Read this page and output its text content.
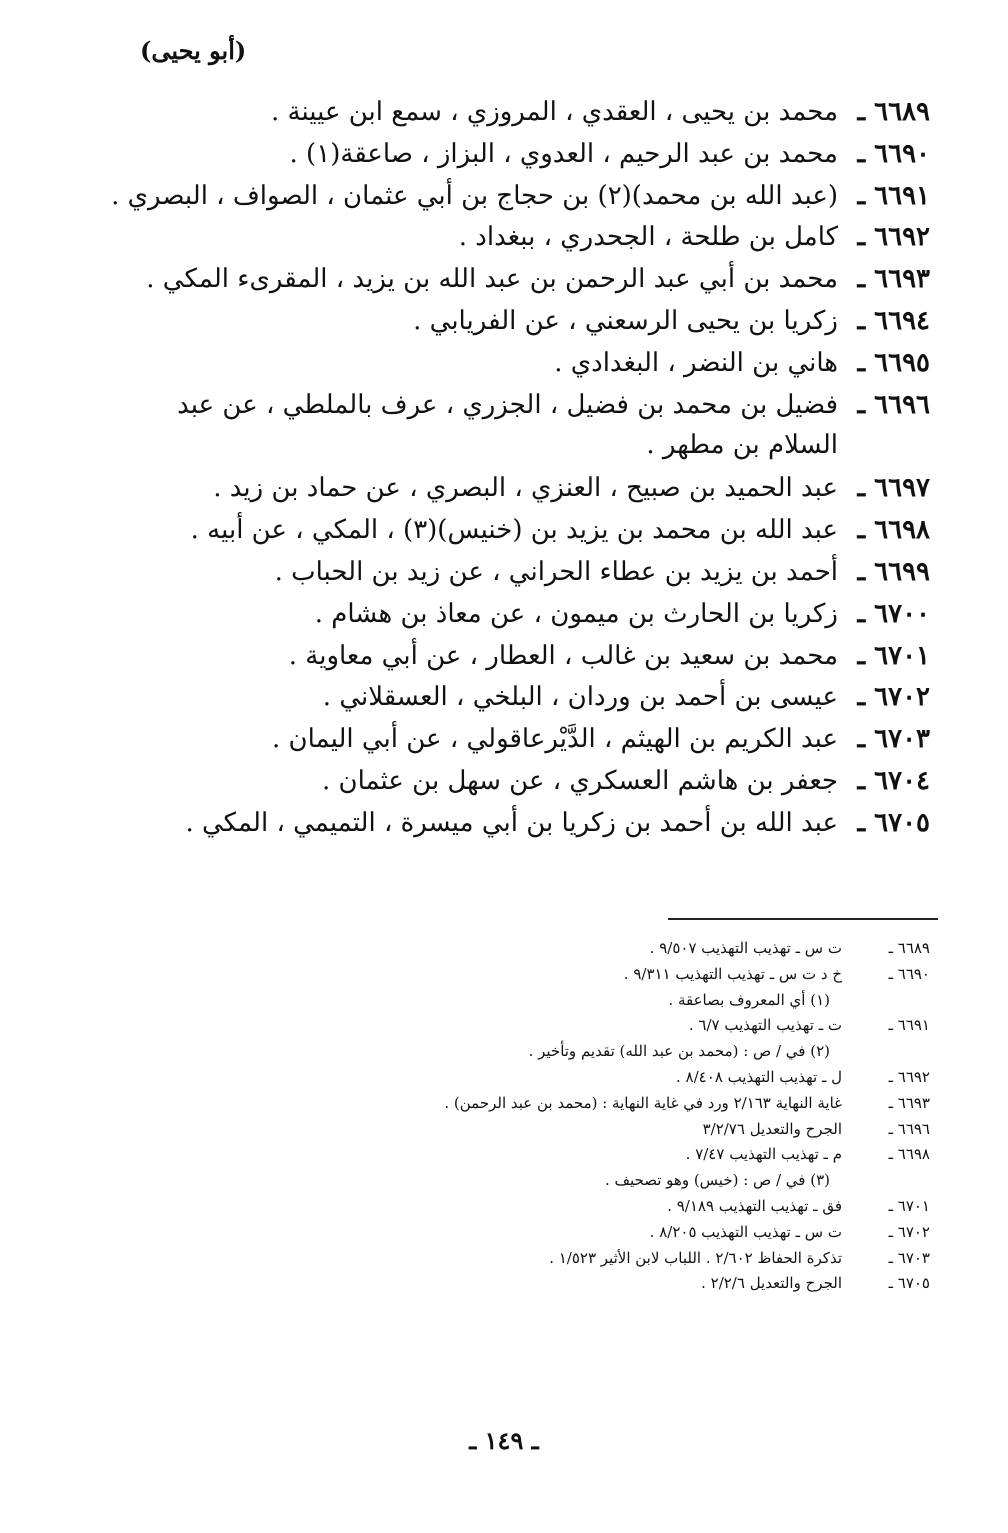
(أبو يحيى)
٦٦٨٩ ـ
محمد بن يحيى ، العقدي ، المروزي ، سمع ابن عيينة .
٦٦٩٠ ـ
محمد بن عبد الرحيم ، العدوي ، البزاز ، صاعقة(١) .
٦٦٩١ ـ
(عبد الله بن محمد)(٢) بن حجاج بن أبي عثمان ، الصواف ، البصري .
٦٦٩٢ ـ
كامل بن طلحة ، الجحدري ، ببغداد .
٦٦٩٣ ـ
محمد بن أبي عبد الرحمن بن عبد الله بن يزيد ، المقرىء المكي .
٦٦٩٤ ـ
زكريا بن يحيى الرسعني ، عن الفريابي .
٦٦٩٥ ـ
هاني بن النضر ، البغدادي .
٦٦٩٦ ـ
فضيل بن محمد بن فضيل ، الجزري ، عرف بالملطي ، عن عبد السلام بن مطهر .
٦٦٩٧ ـ
عبد الحميد بن صبيح ، العنزي ، البصري ، عن حماد بن زيد .
٦٦٩٨ ـ
عبد الله بن محمد بن يزيد بن (خنيس)(٣) ، المكي ، عن أبيه .
٦٦٩٩ ـ
أحمد بن يزيد بن عطاء الحراني ، عن زيد بن الحباب .
٦٧٠٠ ـ
زكريا بن الحارث بن ميمون ، عن معاذ بن هشام .
٦٧٠١ ـ
محمد بن سعيد بن غالب ، العطار ، عن أبي معاوية .
٦٧٠٢ ـ
عيسى بن أحمد بن وردان ، البلخي ، العسقلاني .
٦٧٠٣ ـ
عبد الكريم بن الهيثم ، الدَّيْرعاقولي ، عن أبي اليمان .
٦٧٠٤ ـ
جعفر بن هاشم العسكري ، عن سهل بن عثمان .
٦٧٠٥ ـ
عبد الله بن أحمد بن زكريا بن أبي ميسرة ، التميمي ، المكي .
٦٦٨٩ ـ
ت س ـ تهذيب التهذيب ٩/٥٠٧ .
٦٦٩٠ ـ
خ د ت س ـ تهذيب التهذيب ٩/٣١١ .
(١) أي المعروف بصاعقة .
٦٦٩١ ـ
ت ـ تهذيب التهذيب ٦/٧ .
(٢) في / ص : (محمد بن عبد الله) تقديم وتأخير .
٦٦٩٢ ـ
ل ـ تهذيب التهذيب ٨/٤٠٨ .
٦٦٩٣ ـ
غاية النهاية ٢/١٦٣ ورد في غاية النهاية : (محمد بن عبد الرحمن) .
٦٦٩٦ ـ
الجرح والتعديل ٣/٢/٧٦
٦٦٩٨ ـ
م ـ تهذيب التهذيب ٧/٤٧ .
(٣) في / ص : (خيس) وهو تصحيف .
٦٧٠١ ـ
فق ـ تهذيب التهذيب ٩/١٨٩ .
٦٧٠٢ ـ
ت س ـ تهذيب التهذيب ٨/٢٠٥ .
٦٧٠٣ ـ
تذكرة الحفاظ ٢/٦٠٢ . اللباب لابن الأثير ١/٥٢٣ .
٦٧٠٥ ـ
الجرح والتعديل ٢/٢/٦ .
ـ ١٤٩ ـ
